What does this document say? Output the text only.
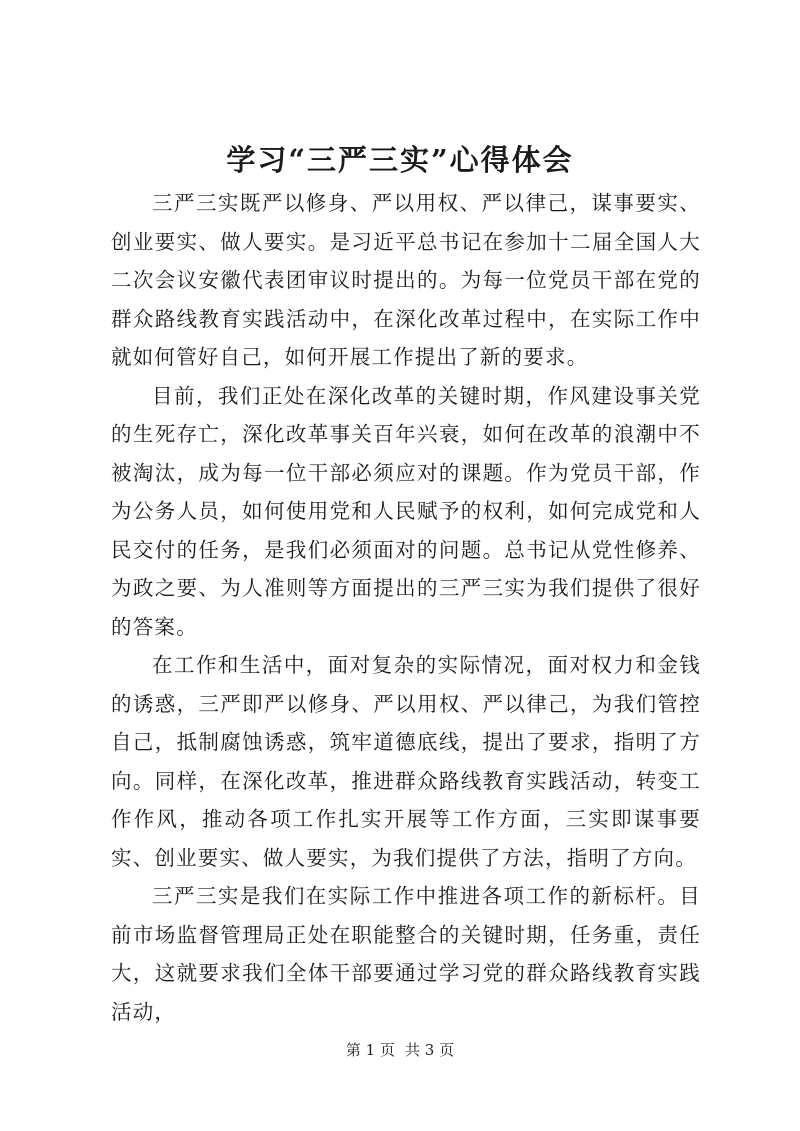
学习“三严三实”心得体会

三严三实既严以修身、严以用权、严以律己，谋事要实、创业要实、做人要实。是习近平总书记在参加十二届全国人大二次会议安徽代表团审议时提出的。为每一位党员干部在党的群众路线教育实践活动中，在深化改革过程中，在实际工作中就如何管好自己，如何开展工作提出了新的要求。

目前，我们正处在深化改革的关键时期，作风建设事关党的生死存亡，深化改革事关百年兴衰，如何在改革的浪潮中不被淘汰，成为每一位干部必须应对的课题。作为党员干部，作为公务人员，如何使用党和人民赋予的权利，如何完成党和人民交付的任务，是我们必须面对的问题。总书记从党性修养、为政之要、为人准则等方面提出的三严三实为我们提供了很好的答案。

在工作和生活中，面对复杂的实际情况，面对权力和金钱的诱惑，三严即严以修身、严以用权、严以律己，为我们管控自己，抵制腐蚀诱惑，筑牢道德底线，提出了要求，指明了方向。同样，在深化改革，推进群众路线教育实践活动，转变工作作风，推动各项工作扎实开展等工作方面，三实即谋事要实、创业要实、做人要实，为我们提供了方法，指明了方向。

三严三实是我们在实际工作中推进各项工作的新标杆。目前市场监督管理局正处在职能整合的关键时期，任务重，责任大，这就要求我们全体干部要通过学习党的群众路线教育实践活动，

第 1 页 共 3 页
